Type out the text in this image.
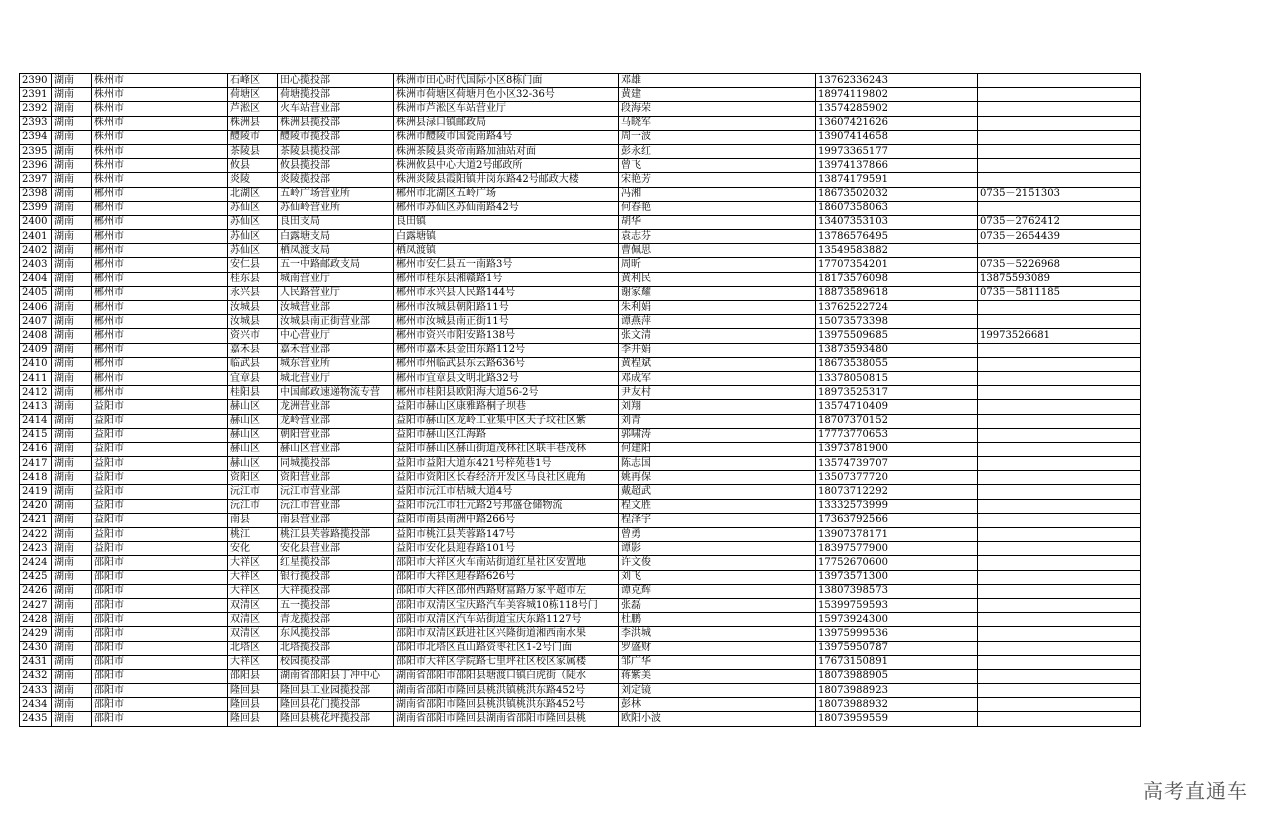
2390	湖南	株州市	石峰区	田心揽投部	株洲市田心时代国际小区8栋门面	邓雄	13762336243	
2391	湖南	株州市	荷塘区	荷塘揽投部	株洲市荷塘区荷塘月色小区32-36号	黄建	18974119802	
2392	湖南	株州市	芦淞区	火车站营业部	株洲市芦淞区车站营业厅	段海荣	13574285902	
2393	湖南	株州市	株洲县	株洲县揽投部	株洲县渌口镇邮政局	马晓军	13607421626	
2394	湖南	株州市	醴陵市	醴陵市揽投部	株洲市醴陵市国瓷南路4号	周一波	13907414658	
2395	湖南	株州市	茶陵县	茶陵县揽投部	株洲茶陵县炎帝南路加油站对面	彭永红	19973365177	
2396	湖南	株州市	攸县	攸县揽投部	株洲攸县中心大道2号邮政所	曾飞	13974137866	
2397	湖南	株州市	炎陵	炎陵揽投部	株洲炎陵县霞阳镇井岗东路42号邮政大楼	宋艳芳	13874179591	
2398	湖南	郴州市	北湖区	五岭广场营业所	郴州市北湖区五岭广场	冯湘	18673502032	0735－2151303
2399	湖南	郴州市	苏仙区	苏仙岭营业所	郴州市苏仙区苏仙南路42号	何春艳	18607358063	
2400	湖南	郴州市	苏仙区	良田支局	良田镇	胡华	13407353103	0735－2762412
2401	湖南	郴州市	苏仙区	白露塘支局	白露塘镇	袁志芬	13786576495	0735－2654439
2402	湖南	郴州市	苏仙区	栖凤渡支局	栖凤渡镇	曹佩思	13549583882	
2403	湖南	郴州市	安仁县	五一中路邮政支局	郴州市安仁县五一南路3号	周昕	17707354201	0735－5226968
2404	湖南	郴州市	桂东县	城南营业厅	郴州市桂东县湘赣路1号	黄利民	18173576098	13875593089
2405	湖南	郴州市	永兴县	人民路营业厅	郴州市永兴县人民路144号	谢家耀	18873589618	0735－5811185
2406	湖南	郴州市	汝城县	汝城营业部	郴州市汝城县朝阳路11号	朱利娟	13762522724	
2407	湖南	郴州市	汝城县	汝城县南正街营业部	郴州市汝城县南正街11号	谭燕萍	15073573398	
2408	湖南	郴州市	资兴市	中心营业厅	郴州市资兴市阳安路138号	张文清	13975509685	19973526681
2409	湖南	郴州市	嘉禾县	嘉禾营业部	郴州市嘉禾县金田东路112号	李井娟	13873593480	
2410	湖南	郴州市	临武县	城东营业所	郴州市州临武县东云路636号	黄程斌	18673538055	
2411	湖南	郴州市	宜章县	城北营业厅	郴州市宜章县文明北路32号	邓成军	13378050815	
2412	湖南	郴州市	桂阳县	中国邮政速递物流专营	郴州市桂阳县欧阳海大道56-2号	尹友村	18973525317	
2413	湖南	益阳市	赫山区	龙洲营业部	益阳市赫山区康雅路桐子坝巷	刘翔	13574710409	
2414	湖南	益阳市	赫山区	龙岭营业部	益阳市赫山区龙岭工业集中区天子坟社区紫	刘青	18707370152	
2415	湖南	益阳市	赫山区	朝阳营业部	益阳市赫山区江海路	郭啸涛	17773770653	
2416	湖南	益阳市	赫山区	赫山区营业部	益阳市赫山区赫山街道茂林社区联丰巷茂林	何建阳	13973781900	
2417	湖南	益阳市	赫山区	同城揽投部	益阳市益阳大道东421号梓苑巷1号	陈志国	13574739707	
2418	湖南	益阳市	资阳区	资阳营业部	益阳市资阳区长春经济开发区马良社区鹿角	姚再保	13507377720	
2419	湖南	益阳市	沅江市	沅江市营业部	益阳市沅江市桔城大道4号	戴超武	18073712292	
2420	湖南	益阳市	沅江市	沅江市营业部	益阳市沅江市壮元路2号邦盛仓储物流	程文胜	13332573999	
2421	湖南	益阳市	南县	南县营业部	益阳市南县南洲中路266号	程泽宇	17363792566	
2422	湖南	益阳市	桃江	桃江县芙蓉路揽投部	益阳市桃江县芙蓉路147号	曾勇	13907378171	
2423	湖南	益阳市	安化	安化县营业部	益阳市安化县迎春路101号	谭影	18397577900	
2424	湖南	邵阳市	大祥区	红星揽投部	邵阳市大祥区火车南站街道红星社区安置地	许文俊	17752670600	
2425	湖南	邵阳市	大祥区	银行揽投部	邵阳市大祥区迎春路626号	刘飞	13973571300	
2426	湖南	邵阳市	大祥区	大祥揽投部	邵阳市大祥区邵州西路财富路万家平超市左	谭克辉	13807398573	
2427	湖南	邵阳市	双清区	五一揽投部	邵阳市双清区宝庆路汽车美容城10栋118号门	张磊	15399759593	
2428	湖南	邵阳市	双清区	青龙揽投部	邵阳市双清区汽车站街道宝庆东路1127号	杜鹏	15973924300	
2429	湖南	邵阳市	双清区	东风揽投部	邵阳市双清区跃进社区兴隆街道湘西南水果	李洪城	13975999536	
2430	湖南	邵阳市	北塔区	北塔揽投部	邵阳市北塔区直山路资枣社区1-2号门面	罗盛财	13975950787	
2431	湖南	邵阳市	大祥区	校园揽投部	邵阳市大祥区学院路七里坪社区校区家属楼	邹广华	17673150891	
2432	湖南	邵阳市	邵阳县	湖南省邵阳县丁冲中心	湖南省邵阳市邵阳县塘渡口镇白虎街（陡水	蒋紫美	18073988905	
2433	湖南	邵阳市	隆回县	隆回县工业园揽投部	湖南省邵阳市隆回县桃洪镇桃洪东路452号	刘定镜	18073988923	
2434	湖南	邵阳市	隆回县	隆回县花门揽投部	湖南省邵阳市隆回县桃洪镇桃洪东路452号	彭林	18073988932	
2435	湖南	邵阳市	隆回县	隆回县桃花坪揽投部	湖南省邵阳市隆回县湖南省邵阳市隆回县桃	欧阳小波	18073959559	
高考直通车
